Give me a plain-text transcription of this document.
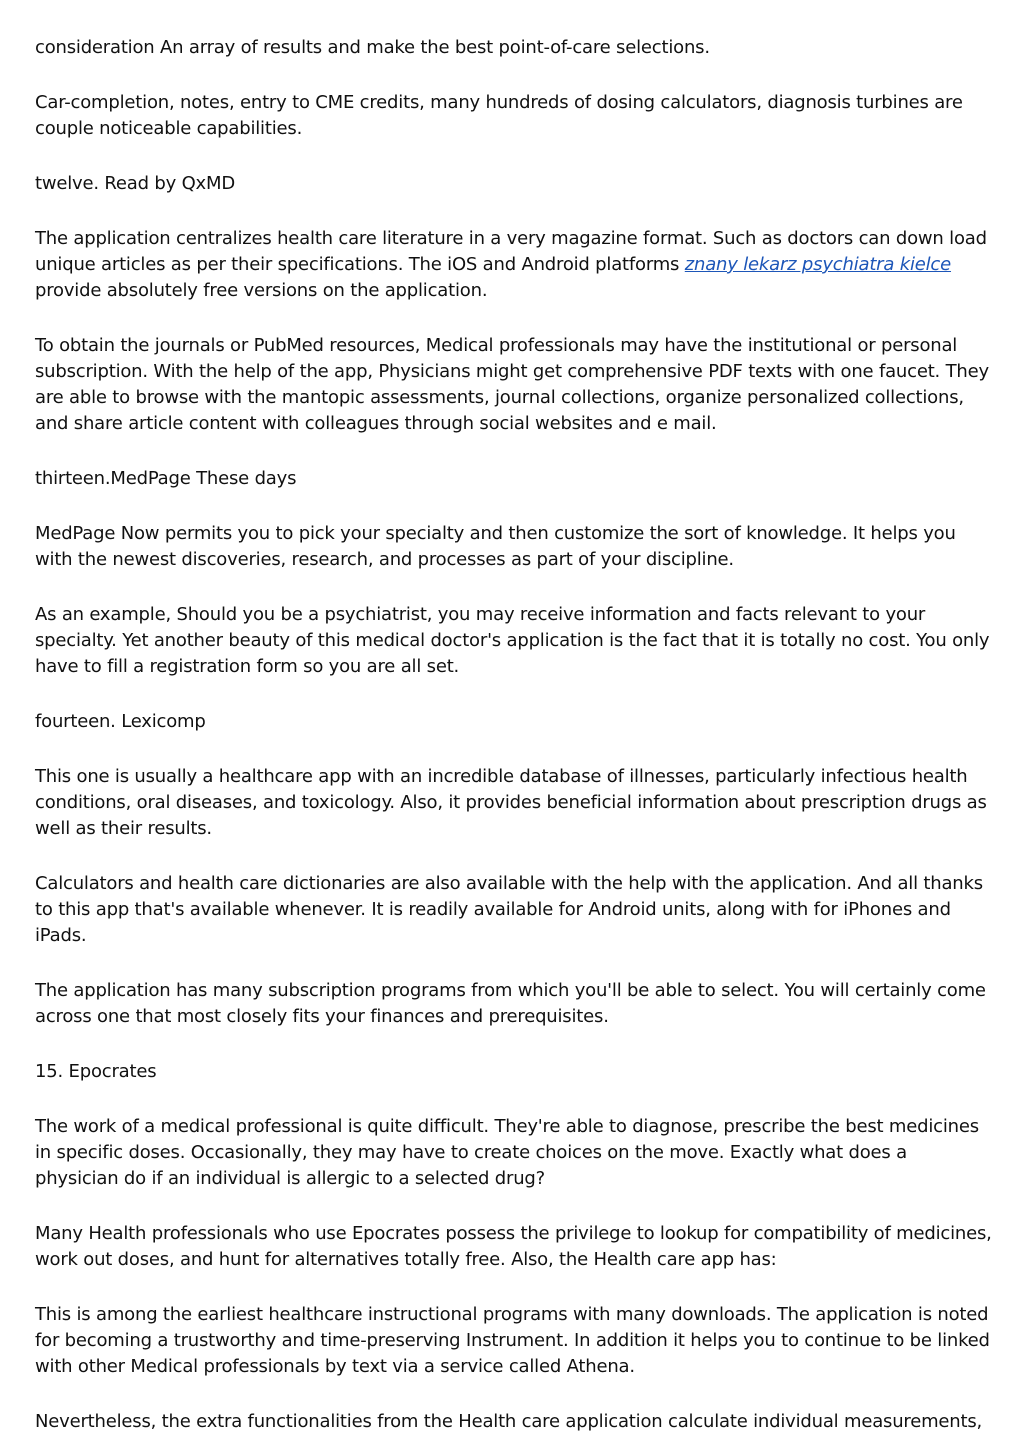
consideration An array of results and make the best point-of-care selections.

Car-completion, notes, entry to CME credits, many hundreds of dosing calculators, diagnosis turbines are couple noticeable capabilities.

twelve. Read by QxMD

The application centralizes health care literature in a very magazine format. Such as doctors can down load unique articles as per their specifications. The iOS and Android platforms znany lekarz psychiatra kielce provide absolutely free versions on the application.

To obtain the journals or PubMed resources, Medical professionals may have the institutional or personal subscription. With the help of the app, Physicians might get comprehensive PDF texts with one faucet. They are able to browse with the mantopic assessments, journal collections, organize personalized collections, and share article content with colleagues through social websites and e mail.

thirteen.MedPage These days

MedPage Now permits you to pick your specialty and then customize the sort of knowledge. It helps you with the newest discoveries, research, and processes as part of your discipline.

As an example, Should you be a psychiatrist, you may receive information and facts relevant to your specialty. Yet another beauty of this medical doctor's application is the fact that it is totally no cost. You only have to fill a registration form so you are all set.

fourteen. Lexicomp

This one is usually a healthcare app with an incredible database of illnesses, particularly infectious health conditions, oral diseases, and toxicology. Also, it provides beneficial information about prescription drugs as well as their results.

Calculators and health care dictionaries are also available with the help with the application. And all thanks to this app that's available whenever. It is readily available for Android units, along with for iPhones and iPads.

The application has many subscription programs from which you'll be able to select. You will certainly come across one that most closely fits your finances and prerequisites.

15. Epocrates

The work of a medical professional is quite difficult. They're able to diagnose, prescribe the best medicines in specific doses. Occasionally, they may have to create choices on the move. Exactly what does a physician do if an individual is allergic to a selected drug?

Many Health professionals who use Epocrates possess the privilege to lookup for compatibility of medicines, work out doses, and hunt for alternatives totally free. Also, the Health care app has:

This is among the earliest healthcare instructional programs with many downloads. The application is noted for becoming a trustworthy and time-preserving Instrument. In addition it helps you to continue to be linked with other Medical professionals by text via a service called Athena.

Nevertheless, the extra functionalities from the Health care application calculate individual measurements,
